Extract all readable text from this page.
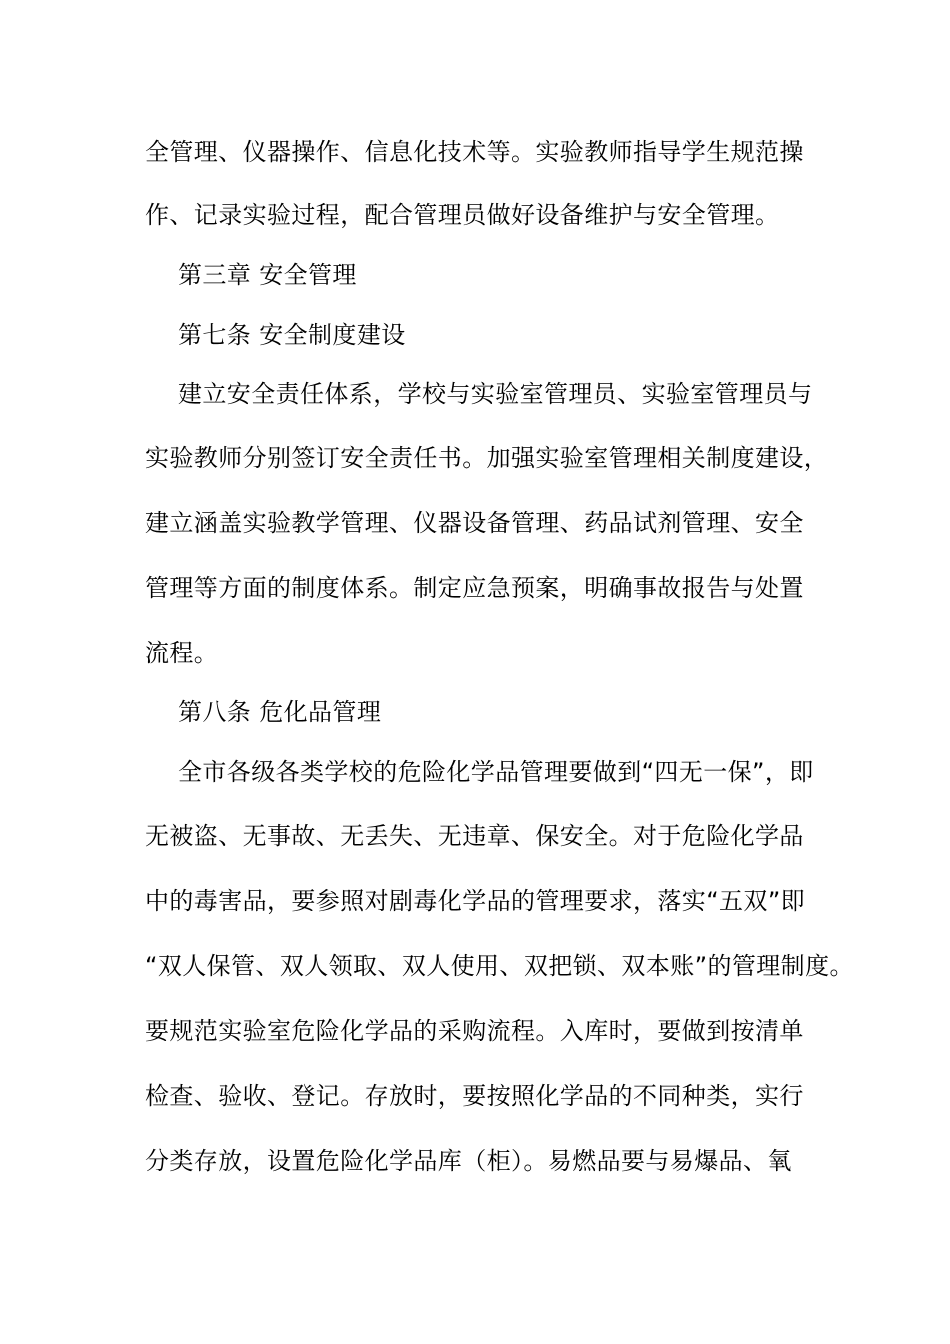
全管理、仪器操作、信息化技术等。实验教师指导学生规范操
作、记录实验过程，配合管理员做好设备维护与安全管理。
第三章 安全管理
第七条 安全制度建设
建立安全责任体系，学校与实验室管理员、实验室管理员与
实验教师分别签订安全责任书。加强实验室管理相关制度建设，
建立涵盖实验教学管理、仪器设备管理、药品试剂管理、安全
管理等方面的制度体系。制定应急预案，明确事故报告与处置
流程。
第八条 危化品管理
全市各级各类学校的危险化学品管理要做到“四无一保”，即
无被盗、无事故、无丢失、无违章、保安全。对于危险化学品
中的毒害品，要参照对剧毒化学品的管理要求，落实“五双”即
“双人保管、双人领取、双人使用、双把锁、双本账”的管理制度。
要规范实验室危险化学品的采购流程。入库时，要做到按清单
检查、验收、登记。存放时，要按照化学品的不同种类，实行
分类存放，设置危险化学品库（柜）。易燃品要与易爆品、氧
